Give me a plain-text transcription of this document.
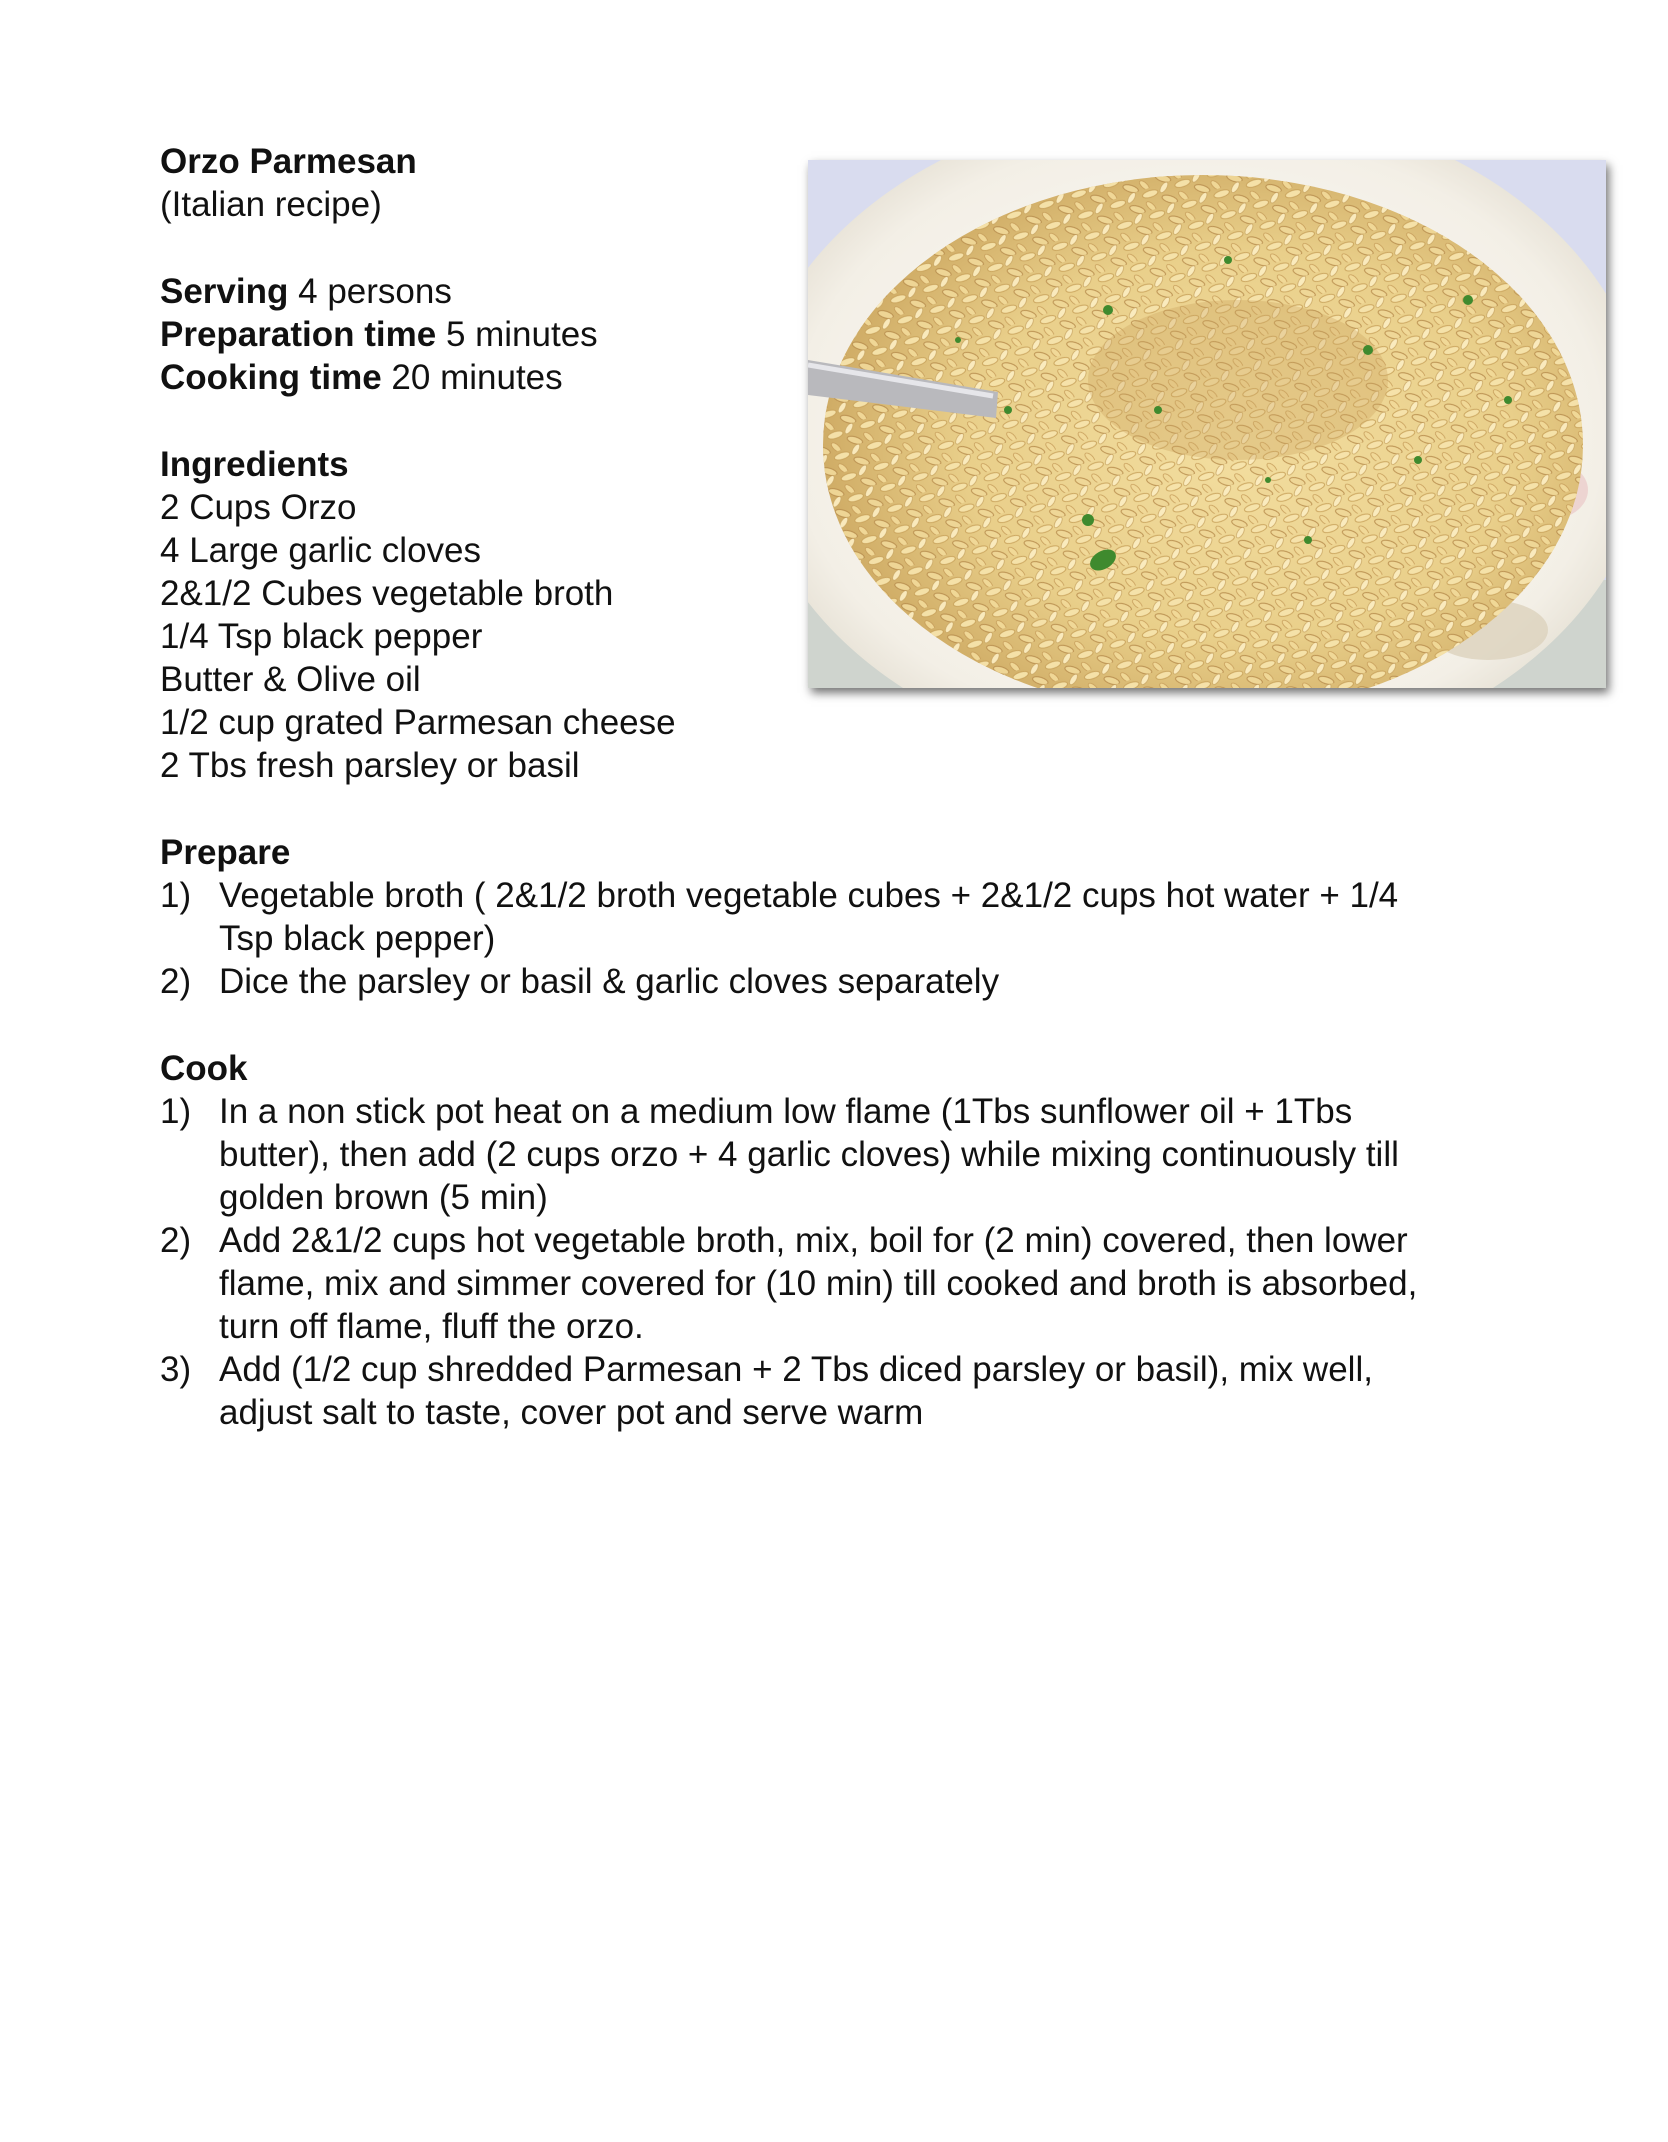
Orzo Parmesan

(Italian recipe)

Serving 4 persons

Preparation time 5 minutes

Cooking time 20 minutes

Ingredients

2 Cups Orzo

4 Large garlic cloves

2&1/2 Cubes vegetable broth

1/4 Tsp black pepper

Butter & Olive oil

1/2 cup grated Parmesan cheese

2 Tbs fresh parsley or basil

Prepare

1) Vegetable broth ( 2&1/2 broth vegetable cubes + 2&1/2 cups hot water + 1/4

Tsp black pepper)

2) Dice the parsley or basil & garlic cloves separately

Cook

1) In a non stick pot heat on a medium low flame (1Tbs sunflower oil + 1Tbs

butter), then add (2 cups orzo + 4 garlic cloves) while mixing continuously till

golden brown (5 min)

2) Add 2&1/2 cups hot vegetable broth, mix, boil for (2 min) covered, then lower

flame, mix and simmer covered for (10 min) till cooked and broth is absorbed,

turn off flame, fluff the orzo.

3) Add (1/2 cup shredded Parmesan + 2 Tbs diced parsley or basil), mix well,

adjust salt to taste, cover pot and serve warm
